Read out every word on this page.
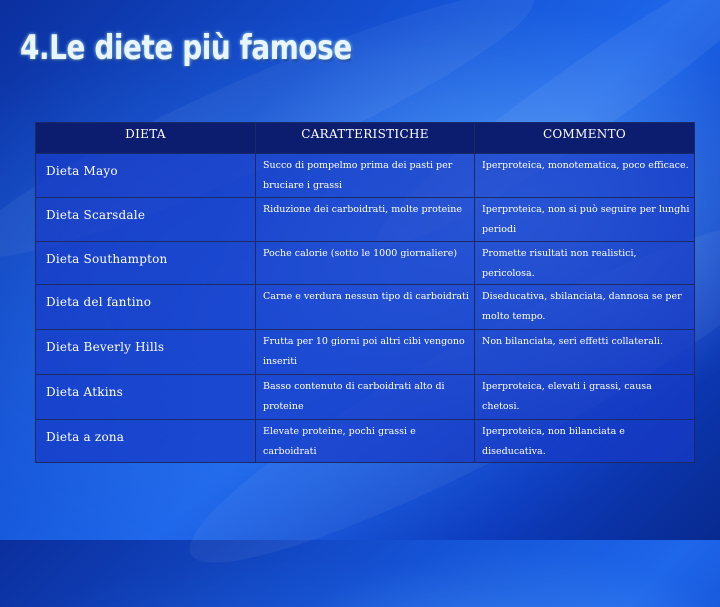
4.Le diete più famose
DIETA	CARATTERISTICHE	COMMENTO
Dieta Mayo	Succo di pompelmo prima dei pasti per bruciare i grassi	Iperproteica, monotematica, poco efficace.
Dieta Scarsdale	Riduzione dei carboidrati, molte proteine	Iperproteica, non si può seguire per lunghi periodi
Dieta Southampton	Poche calorie (sotto le 1000 giornaliere)	Promette risultati non realistici, pericolosa.
Dieta del fantino	Carne e verdura nessun tipo di carboidrati	Diseducativa, sbilanciata, dannosa se per molto tempo.
Dieta Beverly Hills	Frutta per 10 giorni poi altri cibi vengono inseriti	Non bilanciata, seri effetti collaterali.
Dieta Atkins	Basso contenuto di carboidrati alto di proteine	Iperproteica, elevati i grassi, causa chetosi.
Dieta a zona	Elevate proteine, pochi grassi e carboidrati	Iperproteica, non bilanciata e diseducativa.
